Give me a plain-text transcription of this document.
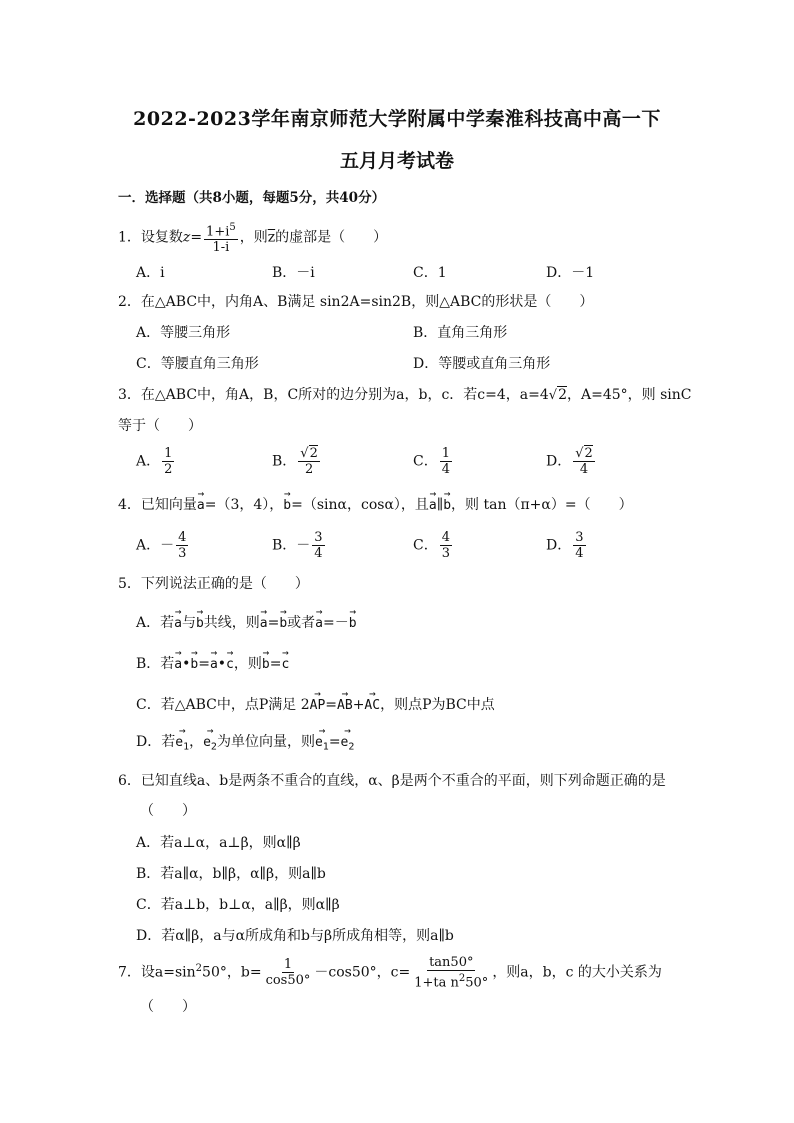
2022-2023学年南京师范大学附属中学秦淮科技高中高一下
五月月考试卷
一．选择题（共8小题，每题5分，共40分）
1．设复数$z= \frac{1+i^5}{1-i}$ ，则$\overline{z}$的虚部是（　　）
A．i	B．－i	C．1	D．－1
2．在△ABC中，内角A、B满足 sin2A=sin2B，则△ABC的形状是（　　）
A．等腰三角形	B．直角三角形
C．等腰直角三角形	D．等腰或直角三角形
3．在△ABC中，角A，B，C所对的边分别为a，b，c．若c=4，a=4√2，A=45°，则 sinC
等于（　　）
A． $\frac{1}{2}$	B． $\frac{√2}{2}$	C． $\frac{1}{4}$	D． $\frac{√2}{4}$
4．已知向量→ a=（3，4），→ b=（sinα，cosα），且→ a∥→ b，则 tan（π+α）=（　　）
A．－ $\frac{4}{3}$	B．－ $\frac{3}{4}$	C． $\frac{4}{3}$	D． $\frac{3}{4}$
5．下列说法正确的是（　　）
A．若→ a与→ b共线，则→ a=→ b或者→ a=－→ b
B．若→ a•→ b=→ a•→ c，则→ b=→ c
C．若△ABC中，点P满足 2→ AP=→ AB+→ AC，则点P为BC中点
D．若→ $e_1$，→ $e_2$为单位向量，则→ $e_1=\to e_2$
6．已知直线a、b是两条不重合的直线，α、β是两个不重合的平面，则下列命题正确的是
（　　）
A．若a⊥α，a⊥β，则α∥β
B．若a∥α，b∥β，α∥β，则a∥b
C．若a⊥b，b⊥α，a∥β，则α∥β
D．若α∥β，a与α所成角和b与β所成角相等，则a∥b
7．设$a=\sin^250^\circ$，$b= \frac{1}{\cos 50^\circ} -\cos 50^\circ$，$c= \frac{\tan 50^\circ}{1+ta n^250^\circ}$ ，则a，b，c 的大小关系为
（　　）
